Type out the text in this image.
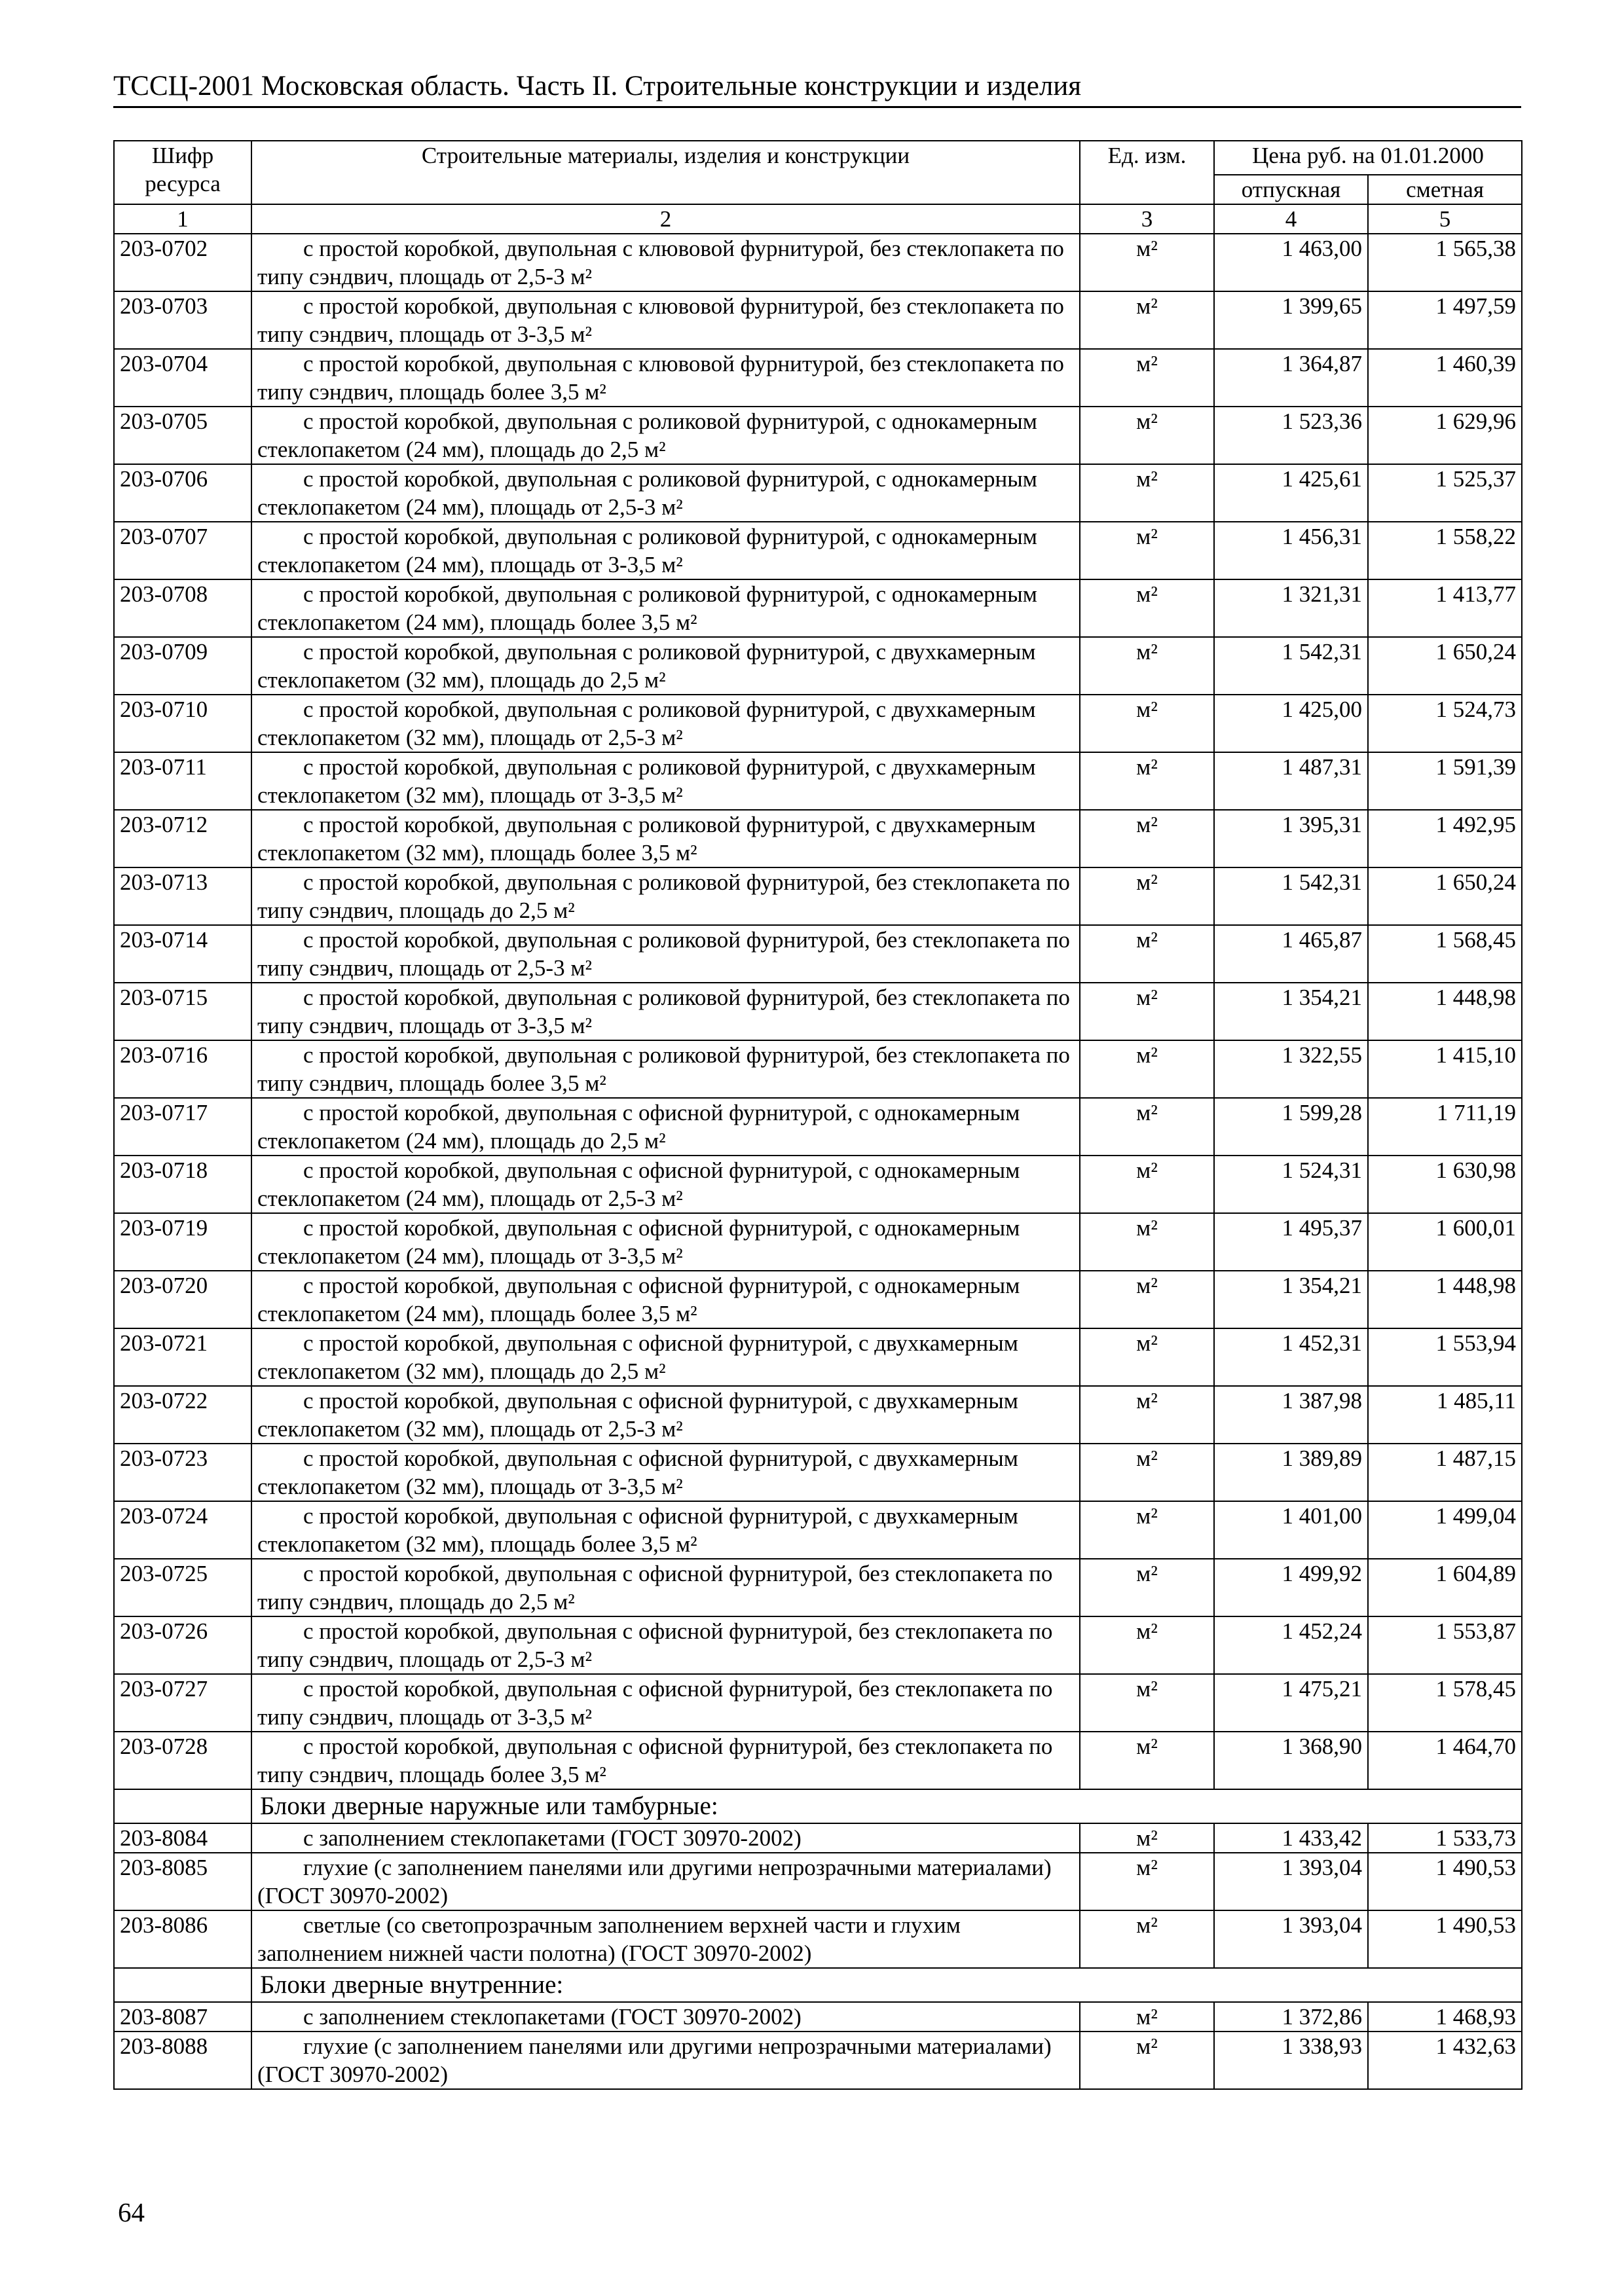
ТССЦ-2001 Московская область. Часть II. Строительные конструкции и изделия
Шифр ресурса	Строительные материалы, изделия и конструкции	Ед. изм.	Цена руб. на 01.01.2000	
			отпускная	сметная
1	2	3	4	5
203-0702	с простой коробкой, двупольная с клювовой фурнитурой, без стеклопакета по типу сэндвич, площадь от 2,5-3 м²	м²	1 463,00	1 565,38
203-0703	с простой коробкой, двупольная с клювовой фурнитурой, без стеклопакета по типу сэндвич, площадь от 3-3,5 м²	м²	1 399,65	1 497,59
203-0704	с простой коробкой, двупольная с клювовой фурнитурой, без стеклопакета по типу сэндвич, площадь более 3,5 м²	м²	1 364,87	1 460,39
203-0705	с простой коробкой, двупольная с роликовой фурнитурой, с однокамерным стеклопакетом (24 мм), площадь до 2,5 м²	м²	1 523,36	1 629,96
203-0706	с простой коробкой, двупольная с роликовой фурнитурой, с однокамерным стеклопакетом (24 мм), площадь от 2,5-3 м²	м²	1 425,61	1 525,37
203-0707	с простой коробкой, двупольная с роликовой фурнитурой, с однокамерным стеклопакетом (24 мм), площадь от 3-3,5 м²	м²	1 456,31	1 558,22
203-0708	с простой коробкой, двупольная с роликовой фурнитурой, с однокамерным стеклопакетом (24 мм), площадь более 3,5 м²	м²	1 321,31	1 413,77
203-0709	с простой коробкой, двупольная с роликовой фурнитурой, с двухкамерным стеклопакетом (32 мм), площадь до 2,5 м²	м²	1 542,31	1 650,24
203-0710	с простой коробкой, двупольная с роликовой фурнитурой, с двухкамерным стеклопакетом (32 мм), площадь от 2,5-3 м²	м²	1 425,00	1 524,73
203-0711	с простой коробкой, двупольная с роликовой фурнитурой, с двухкамерным стеклопакетом (32 мм), площадь от 3-3,5 м²	м²	1 487,31	1 591,39
203-0712	с простой коробкой, двупольная с роликовой фурнитурой, с двухкамерным стеклопакетом (32 мм), площадь более 3,5 м²	м²	1 395,31	1 492,95
203-0713	с простой коробкой, двупольная с роликовой фурнитурой, без стеклопакета по типу сэндвич, площадь до 2,5 м²	м²	1 542,31	1 650,24
203-0714	с простой коробкой, двупольная с роликовой фурнитурой, без стеклопакета по типу сэндвич, площадь от 2,5-3 м²	м²	1 465,87	1 568,45
203-0715	с простой коробкой, двупольная с роликовой фурнитурой, без стеклопакета по типу сэндвич, площадь от 3-3,5 м²	м²	1 354,21	1 448,98
203-0716	с простой коробкой, двупольная с роликовой фурнитурой, без стеклопакета по типу сэндвич, площадь более 3,5 м²	м²	1 322,55	1 415,10
203-0717	с простой коробкой, двупольная с офисной фурнитурой, с однокамерным стеклопакетом (24 мм), площадь до 2,5 м²	м²	1 599,28	1 711,19
203-0718	с простой коробкой, двупольная с офисной фурнитурой, с однокамерным стеклопакетом (24 мм), площадь от 2,5-3 м²	м²	1 524,31	1 630,98
203-0719	с простой коробкой, двупольная с офисной фурнитурой, с однокамерным стеклопакетом (24 мм), площадь от 3-3,5 м²	м²	1 495,37	1 600,01
203-0720	с простой коробкой, двупольная с офисной фурнитурой, с однокамерным стеклопакетом (24 мм), площадь более 3,5 м²	м²	1 354,21	1 448,98
203-0721	с простой коробкой, двупольная с офисной фурнитурой, с двухкамерным стеклопакетом (32 мм), площадь до 2,5 м²	м²	1 452,31	1 553,94
203-0722	с простой коробкой, двупольная с офисной фурнитурой, с двухкамерным стеклопакетом (32 мм), площадь от 2,5-3 м²	м²	1 387,98	1 485,11
203-0723	с простой коробкой, двупольная с офисной фурнитурой, с двухкамерным стеклопакетом (32 мм), площадь от 3-3,5 м²	м²	1 389,89	1 487,15
203-0724	с простой коробкой, двупольная с офисной фурнитурой, с двухкамерным стеклопакетом (32 мм), площадь более 3,5 м²	м²	1 401,00	1 499,04
203-0725	с простой коробкой, двупольная с офисной фурнитурой, без стеклопакета по типу сэндвич, площадь до 2,5 м²	м²	1 499,92	1 604,89
203-0726	с простой коробкой, двупольная с офисной фурнитурой, без стеклопакета по типу сэндвич, площадь от 2,5-3 м²	м²	1 452,24	1 553,87
203-0727	с простой коробкой, двупольная с офисной фурнитурой, без стеклопакета по типу сэндвич, площадь от 3-3,5 м²	м²	1 475,21	1 578,45
203-0728	с простой коробкой, двупольная с офисной фурнитурой, без стеклопакета по типу сэндвич, площадь более 3,5 м²	м²	1 368,90	1 464,70
	Блоки дверные наружные или тамбурные:			
203-8084	с заполнением стеклопакетами (ГОСТ 30970-2002)	м²	1 433,42	1 533,73
203-8085	глухие (с заполнением панелями или другими непрозрачными материалами) (ГОСТ 30970-2002)	м²	1 393,04	1 490,53
203-8086	светлые (со светопрозрачным заполнением верхней части и глухим заполнением нижней части полотна) (ГОСТ 30970-2002)	м²	1 393,04	1 490,53
	Блоки дверные внутренние:			
203-8087	с заполнением стеклопакетами (ГОСТ 30970-2002)	м²	1 372,86	1 468,93
203-8088	глухие (с заполнением панелями или другими непрозрачными материалами) (ГОСТ 30970-2002)	м²	1 338,93	1 432,63
64
